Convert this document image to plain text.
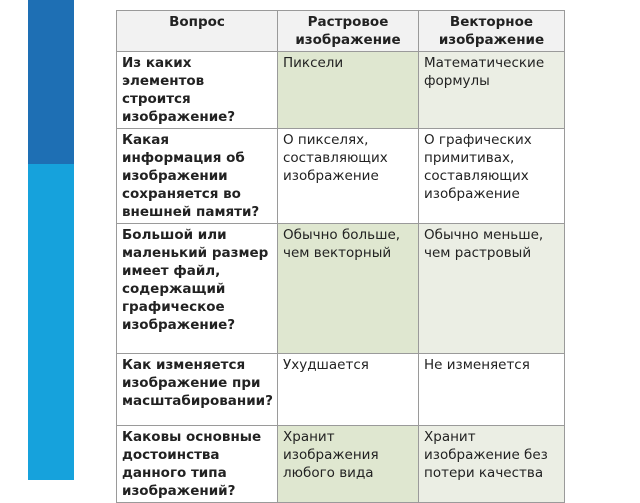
Вопрос	Растровое изображение	Векторное изображение
Из каких элементов строится изображение?	Пиксели	Математические формулы
Какая информация об изображении сохраняется во внешней памяти?	О пикселях, составляющих изображение	О графических примитивах, составляющих изображение
Большой или маленький размер имеет файл, содержащий графическое изображение?	Обычно больше, чем векторный	Обычно меньше, чем растровый
Как изменяется изображение при масштабировании?	Ухудшается	Не изменяется
Каковы основные достоинства данного типа изображений?	Хранит изображения любого вида	Хранит изображение без потери качества
